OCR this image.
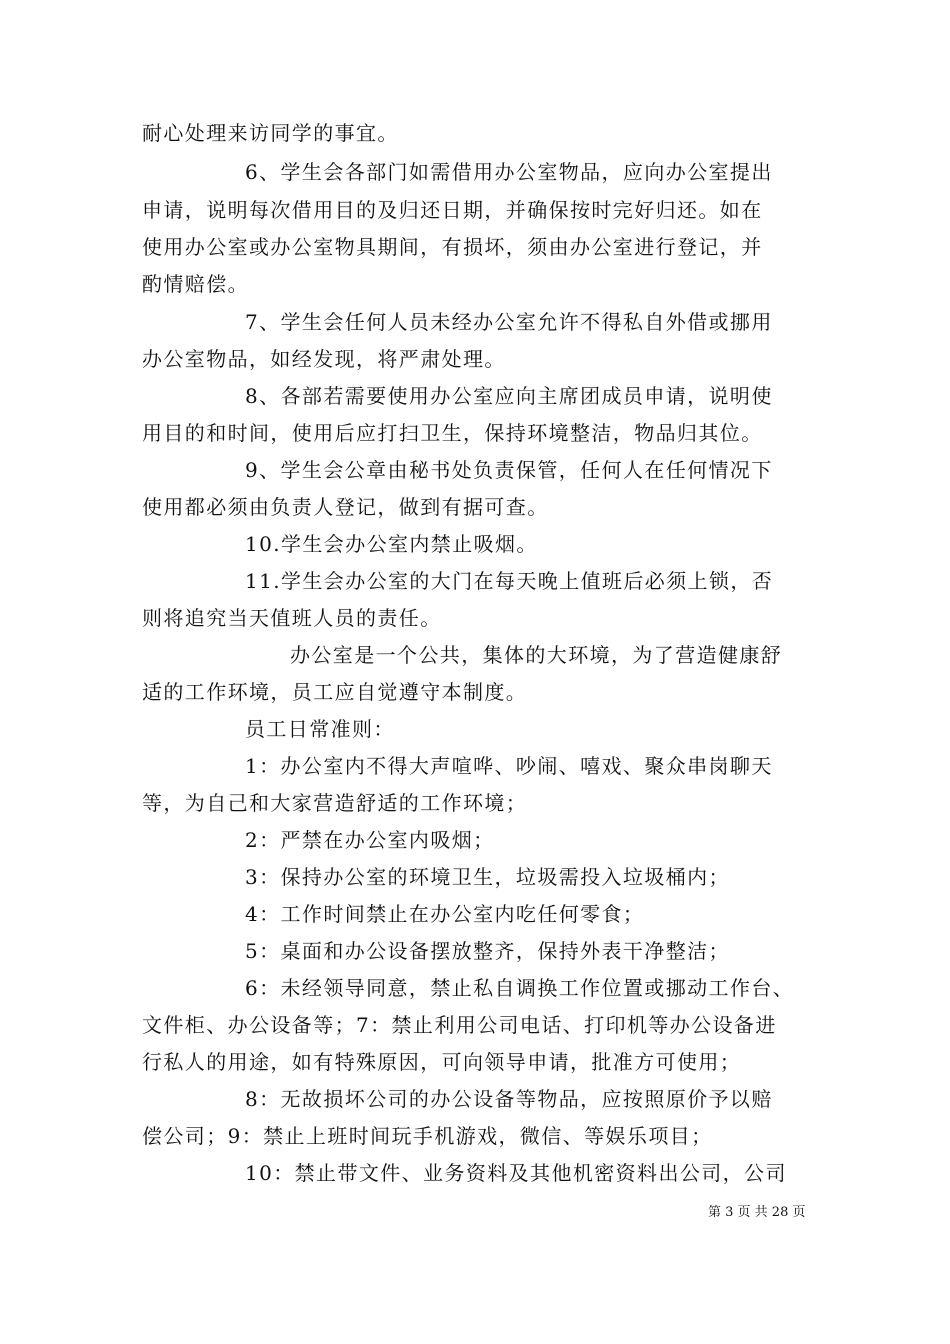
耐心处理来访同学的事宜。
6、学生会各部门如需借用办公室物品，应向办公室提出
申请，说明每次借用目的及归还日期，并确保按时完好归还。如在
使用办公室或办公室物具期间，有损坏，须由办公室进行登记，并
酌情赔偿。
7、学生会任何人员未经办公室允许不得私自外借或挪用
办公室物品，如经发现，将严肃处理。
8、各部若需要使用办公室应向主席团成员申请，说明使
用目的和时间，使用后应打扫卫生，保持环境整洁，物品归其位。
9、学生会公章由秘书处负责保管，任何人在任何情况下
使用都必须由负责人登记，做到有据可查。
10.学生会办公室内禁止吸烟。
11.学生会办公室的大门在每天晚上值班后必须上锁，否
则将追究当天值班人员的责任。
办公室是一个公共，集体的大环境，为了营造健康舒
适的工作环境，员工应自觉遵守本制度。
员工日常准则：
1：办公室内不得大声喧哗、吵闹、嘻戏、聚众串岗聊天
等，为自己和大家营造舒适的工作环境；
2：严禁在办公室内吸烟；
3：保持办公室的环境卫生，垃圾需投入垃圾桶内；
4：工作时间禁止在办公室内吃任何零食；
5：桌面和办公设备摆放整齐，保持外表干净整洁；
6：未经领导同意，禁止私自调换工作位置或挪动工作台、
文件柜、办公设备等；7：禁止利用公司电话、打印机等办公设备进
行私人的用途，如有特殊原因，可向领导申请，批准方可使用；
8：无故损坏公司的办公设备等物品，应按照原价予以赔
偿公司；9：禁止上班时间玩手机游戏，微信、等娱乐项目；
10：禁止带文件、业务资料及其他机密资料出公司，公司
第 3 页 共 28 页
